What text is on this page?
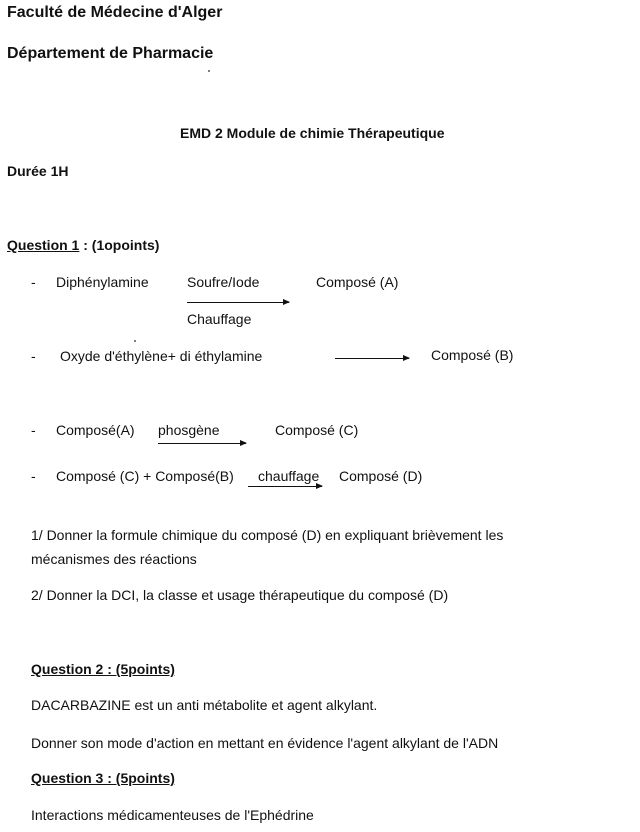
Faculté de Médecine d'Alger
Département de Pharmacie
EMD 2 Module de chimie Thérapeutique
Durée 1H
Question 1 : (1opoints)
- Diphénylamine	Soufre/Iode
Chauffage
Composé (A)
- Oxyde d'éthylène+ di éthylamine	Composé (B)
- Composé(A) phosgène	Composé (C)
- Composé (C) + Composé(B) chauffage Composé (D)
1/ Donner la formule chimique du composé (D) en expliquant brièvement les
mécanismes des réactions
2/ Donner la DCI, la classe et usage thérapeutique du composé (D)
Question 2 : (5points)
DACARBAZINE est un anti métabolite et agent alkylant.
Donner son mode d'action en mettant en évidence l'agent alkylant de l'ADN
Question 3 : (5points)
Interactions médicamenteuses de l'Ephédrine
